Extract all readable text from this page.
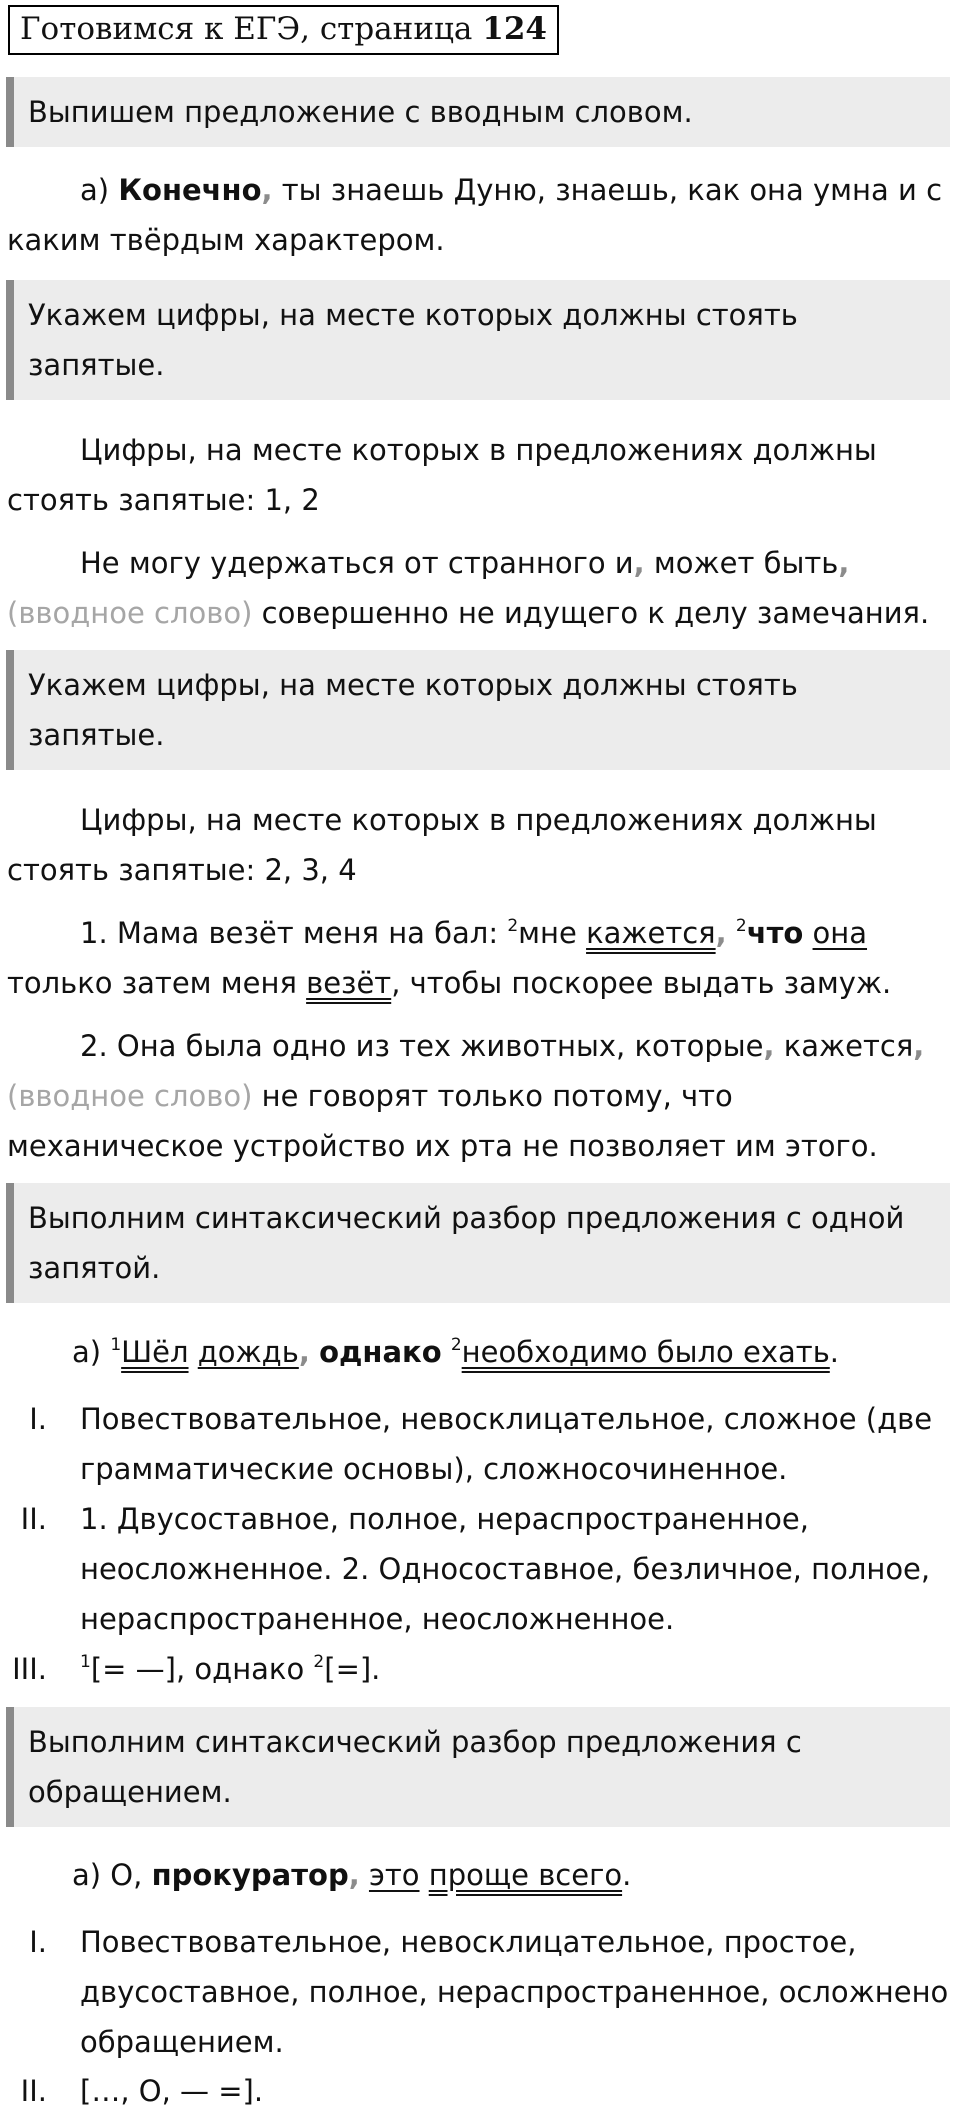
Готовимся к ЕГЭ, страница 124
Выпишем предложение с вводным словом.
а) Конечно, ты знаешь Дуню, знаешь, как она умна и с каким твёрдым характером.
Укажем цифры, на месте которых должны стоять запятые.
Цифры, на месте которых в предложениях должны стоять запятые: 1, 2
Не могу удержаться от странного и, может быть, (вводное слово) совершенно не идущего к делу замечания.
Укажем цифры, на месте которых должны стоять запятые.
Цифры, на месте которых в предложениях должны стоять запятые: 2, 3, 4
1. Мама везёт меня на бал: $^2$мне кажется, $^2$что она только затем меня везёт, чтобы поскорее выдать замуж.
2. Она была одно из тех животных, которые, кажется, (вводное слово) не говорят только потому, что механическое устройство их рта не позволяет им этого.
Выполним синтаксический разбор предложения с одной запятой.
а) $^1$Шёл дождь, однако $^2$необходимо было ехать.
I. Повествовательное, невосклицательное, сложное (две грамматические основы), сложносочиненное.
II. 1. Двусоставное, полное, нераспространенное, неосложненное. 2. Односоставное, безличное, полное, нераспространенное, неосложненное.
III. $^1$[= —], однако $^2$[=].
Выполним синтаксический разбор предложения с обращением.
а) О, прокуратор, это проще всего.
I. Повествовательное, невосклицательное, простое, двусоставное, полное, нераспространенное, осложнено обращением.
II. […, О, — =].
